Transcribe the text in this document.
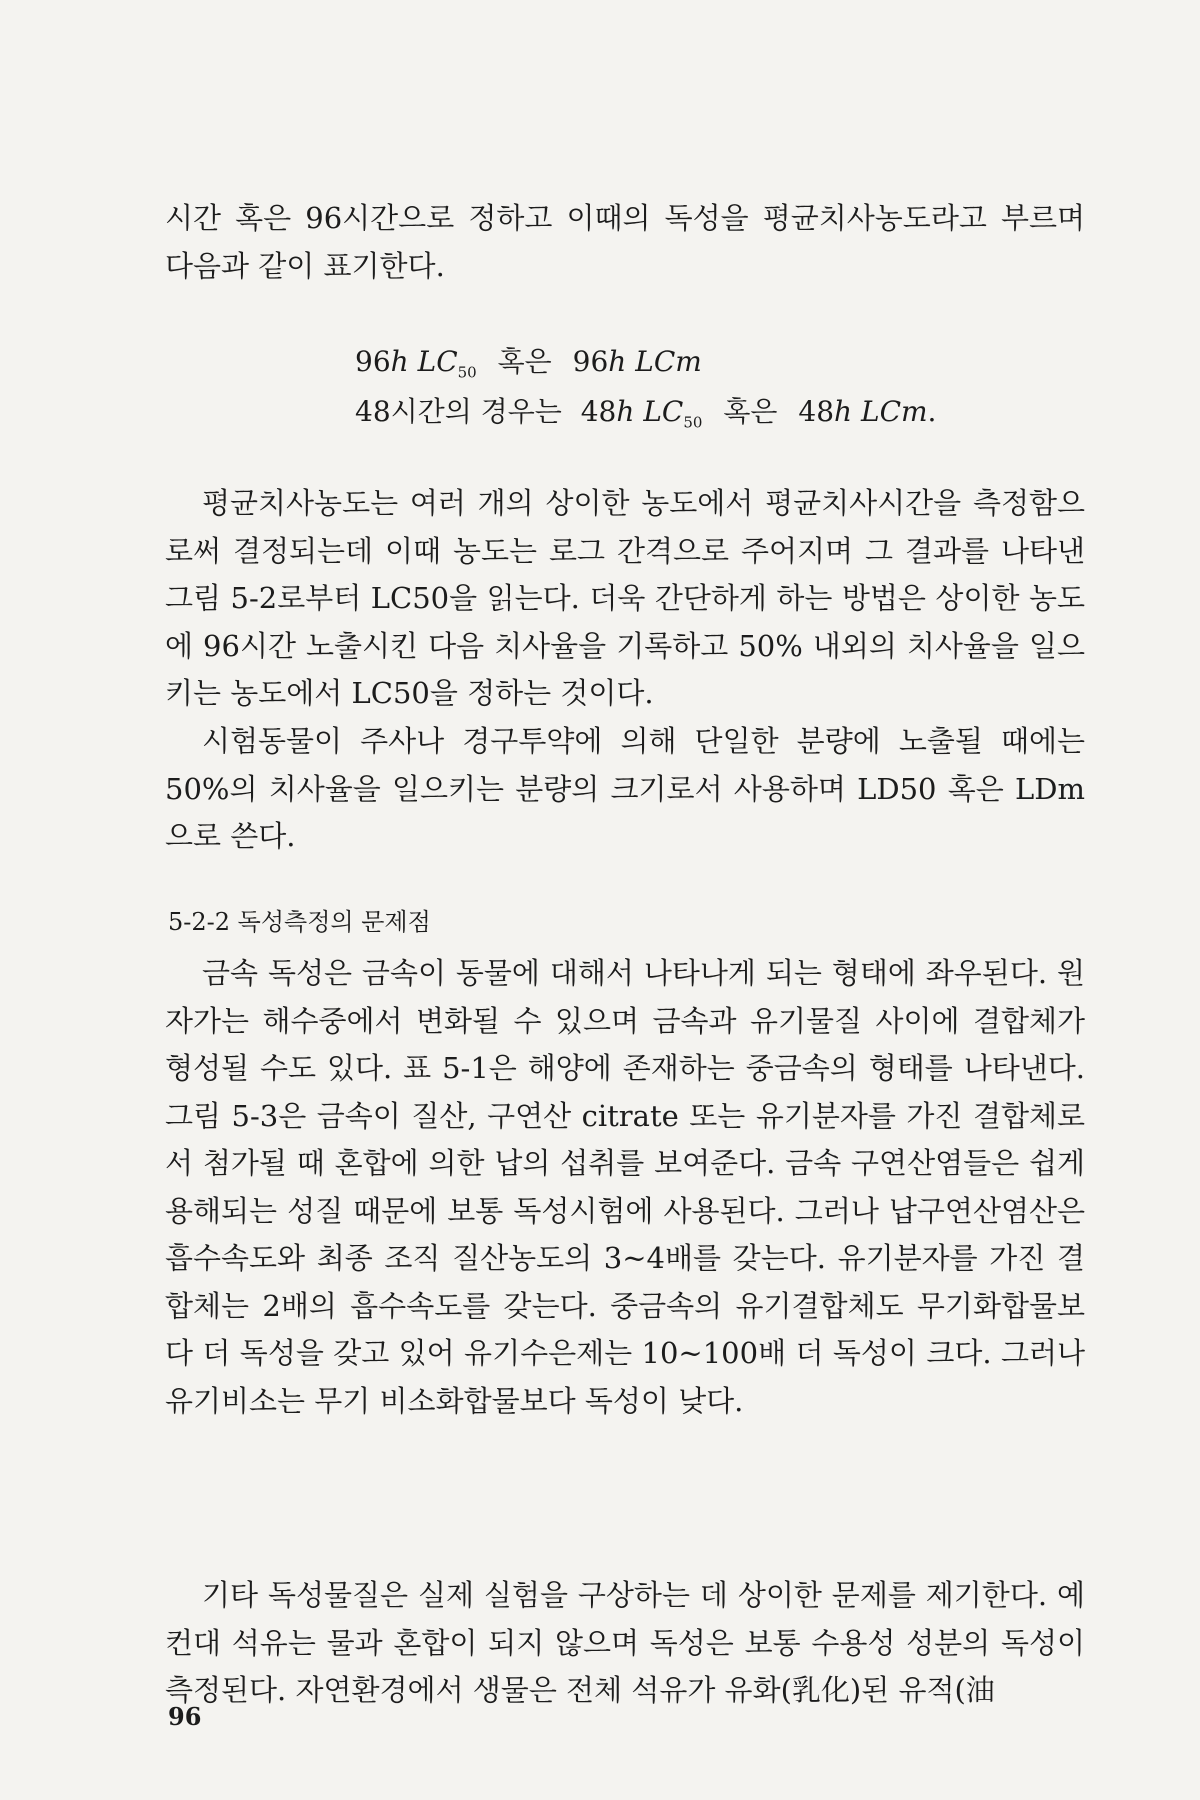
시간 혹은 96시간으로 정하고 이때의 독성을 평균치사농도라고 부르며 다음과 같이 표기한다.

96h $LC_{50}$ 혹은 96h LCm
48시간의 경우는 48h $LC_{50}$ 혹은 48h LCm.

평균치사농도는 여러 개의 상이한 농도에서 평균치사시간을 측정함으로써 결정되는데 이때 농도는 로그 간격으로 주어지며 그 결과를 나타낸 그림 5-2로부터 LC50을 읽는다. 더욱 간단하게 하는 방법은 상이한 농도에 96시간 노출시킨 다음 치사율을 기록하고 50% 내외의 치사율을 일으키는 농도에서 LC50을 정하는 것이다.

시험동물이 주사나 경구투약에 의해 단일한 분량에 노출될 때에는 50%의 치사율을 일으키는 분량의 크기로서 사용하며 LD50 혹은 LDm으로 쓴다.

5-2-2 독성측정의 문제점

금속 독성은 금속이 동물에 대해서 나타나게 되는 형태에 좌우된다. 원자가는 해수중에서 변화될 수 있으며 금속과 유기물질 사이에 결합체가 형성될 수도 있다. 표 5-1은 해양에 존재하는 중금속의 형태를 나타낸다. 그림 5-3은 금속이 질산, 구연산 citrate 또는 유기분자를 가진 결합체로서 첨가될 때 혼합에 의한 납의 섭취를 보여준다. 금속 구연산염들은 쉽게 용해되는 성질 때문에 보통 독성시험에 사용된다. 그러나 납구연산염산은 흡수속도와 최종 조직 질산농도의 3~4배를 갖는다. 유기분자를 가진 결합체는 2배의 흡수속도를 갖는다. 중금속의 유기결합체도 무기화합물보다 더 독성을 갖고 있어 유기수은제는 10~100배 더 독성이 크다. 그러나 유기비소는 무기 비소화합물보다 독성이 낮다.

기타 독성물질은 실제 실험을 구상하는 데 상이한 문제를 제기한다. 예컨대 석유는 물과 혼합이 되지 않으며 독성은 보통 수용성 성분의 독성이 측정된다. 자연환경에서 생물은 전체 석유가 유화(乳化)된 유적(油

96
